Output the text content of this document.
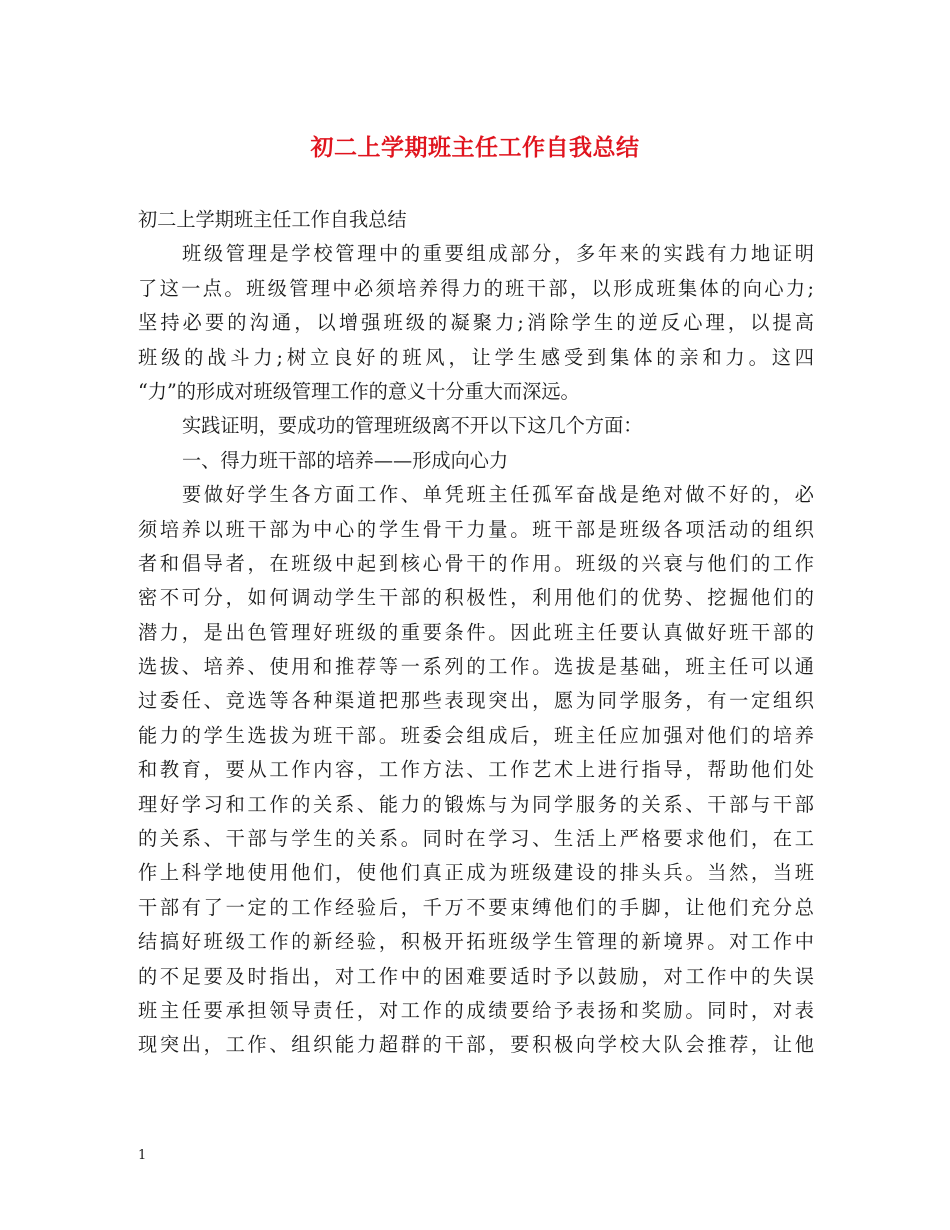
初二上学期班主任工作自我总结
初二上学期班主任工作自我总结
班级管理是学校管理中的重要组成部分，多年来的实践有力地证明
了这一点。班级管理中必须培养得力的班干部，以形成班集体的向心力;
坚持必要的沟通，以增强班级的凝聚力;消除学生的逆反心理，以提高
班级的战斗力;树立良好的班风，让学生感受到集体的亲和力。这四
“力”的形成对班级管理工作的意义十分重大而深远。
实践证明，要成功的管理班级离不开以下这几个方面：
一、得力班干部的培养——形成向心力
要做好学生各方面工作、单凭班主任孤军奋战是绝对做不好的，必
须培养以班干部为中心的学生骨干力量。班干部是班级各项活动的组织
者和倡导者，在班级中起到核心骨干的作用。班级的兴衰与他们的工作
密不可分，如何调动学生干部的积极性，利用他们的优势、挖掘他们的
潜力，是出色管理好班级的重要条件。因此班主任要认真做好班干部的
选拔、培养、使用和推荐等一系列的工作。选拔是基础，班主任可以通
过委任、竞选等各种渠道把那些表现突出，愿为同学服务，有一定组织
能力的学生选拔为班干部。班委会组成后，班主任应加强对他们的培养
和教育，要从工作内容，工作方法、工作艺术上进行指导，帮助他们处
理好学习和工作的关系、能力的锻炼与为同学服务的关系、干部与干部
的关系、干部与学生的关系。同时在学习、生活上严格要求他们，在工
作上科学地使用他们，使他们真正成为班级建设的排头兵。当然，当班
干部有了一定的工作经验后，千万不要束缚他们的手脚，让他们充分总
结搞好班级工作的新经验，积极开拓班级学生管理的新境界。对工作中
的不足要及时指出，对工作中的困难要适时予以鼓励，对工作中的失误
班主任要承担领导责任，对工作的成绩要给予表扬和奖励。同时，对表
现突出，工作、组织能力超群的干部，要积极向学校大队会推荐，让他
1
